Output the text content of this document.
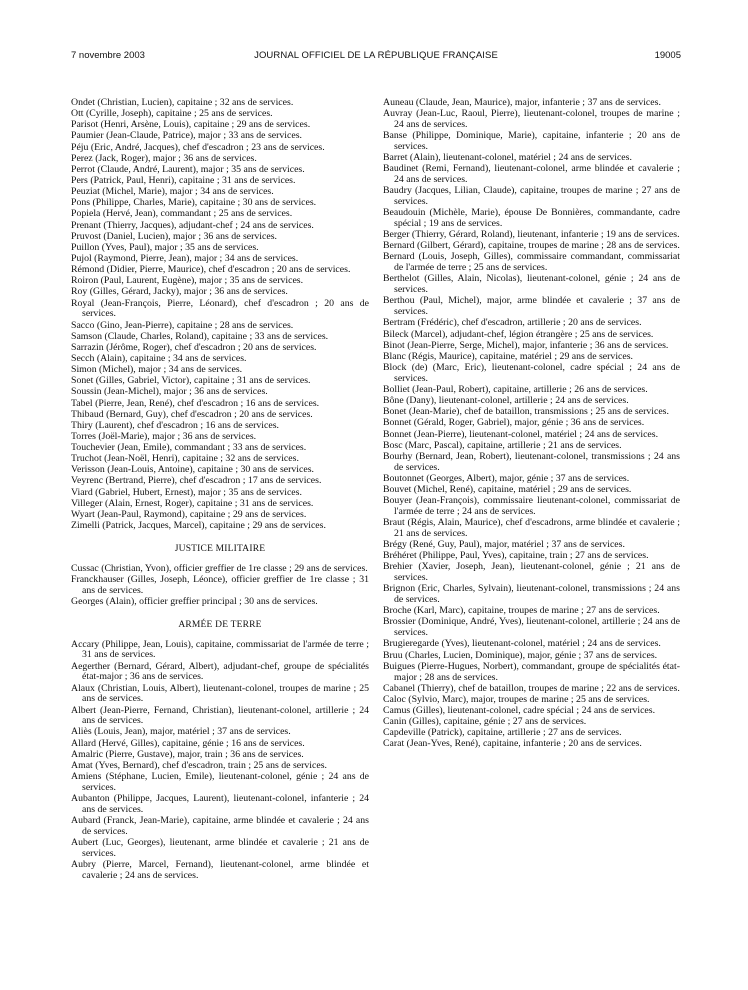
7 novembre 2003	JOURNAL OFFICIEL DE LA RÉPUBLIQUE FRANÇAISE	19005

Ondet (Christian, Lucien), capitaine ; 32 ans de services.

Ott (Cyrille, Joseph), capitaine ; 25 ans de services.

Parisot (Henri, Arsène, Louis), capitaine ; 29 ans de services.

Paumier (Jean-Claude, Patrice), major ; 33 ans de services.

Péju (Eric, André, Jacques), chef d'escadron ; 23 ans de services.

Perez (Jack, Roger), major ; 36 ans de services.

Perrot (Claude, André, Laurent), major ; 35 ans de services.

Pers (Patrick, Paul, Henri), capitaine ; 31 ans de services.

Peuziat (Michel, Marie), major ; 34 ans de services.

Pons (Philippe, Charles, Marie), capitaine ; 30 ans de services.

Popiela (Hervé, Jean), commandant ; 25 ans de services.

Prenant (Thierry, Jacques), adjudant-chef ; 24 ans de services.

Pruvost (Daniel, Lucien), major ; 36 ans de services.

Puillon (Yves, Paul), major ; 35 ans de services.

Pujol (Raymond, Pierre, Jean), major ; 34 ans de services.

Rémond (Didier, Pierre, Maurice), chef d'escadron ; 20 ans de services.

Roiron (Paul, Laurent, Eugène), major ; 35 ans de services.

Roy (Gilles, Gérard, Jacky), major ; 36 ans de services.

Royal (Jean-François, Pierre, Léonard), chef d'escadron ; 20 ans de services.

Sacco (Gino, Jean-Pierre), capitaine ; 28 ans de services.

Samson (Claude, Charles, Roland), capitaine ; 33 ans de services.

Sarrazin (Jérôme, Roger), chef d'escadron ; 20 ans de services.

Secch (Alain), capitaine ; 34 ans de services.

Simon (Michel), major ; 34 ans de services.

Sonet (Gilles, Gabriel, Victor), capitaine ; 31 ans de services.

Soussin (Jean-Michel), major ; 36 ans de services.

Tabel (Pierre, Jean, René), chef d'escadron ; 16 ans de services.

Thibaud (Bernard, Guy), chef d'escadron ; 20 ans de services.

Thiry (Laurent), chef d'escadron ; 16 ans de services.

Torres (Joël-Marie), major ; 36 ans de services.

Touchevier (Jean, Emile), commandant ; 33 ans de services.

Truchot (Jean-Noël, Henri), capitaine ; 32 ans de services.

Verisson (Jean-Louis, Antoine), capitaine ; 30 ans de services.

Veyrenc (Bertrand, Pierre), chef d'escadron ; 17 ans de services.

Viard (Gabriel, Hubert, Ernest), major ; 35 ans de services.

Villeger (Alain, Ernest, Roger), capitaine ; 31 ans de services.

Wyart (Jean-Paul, Raymond), capitaine ; 29 ans de services.

Zimelli (Patrick, Jacques, Marcel), capitaine ; 29 ans de services.

JUSTICE MILITAIRE

Cussac (Christian, Yvon), officier greffier de 1re classe ; 29 ans de services.

Franckhauser (Gilles, Joseph, Léonce), officier greffier de 1re classe ; 31 ans de services.

Georges (Alain), officier greffier principal ; 30 ans de services.

ARMÉE DE TERRE

Accary (Philippe, Jean, Louis), capitaine, commissariat de l'armée de terre ; 31 ans de services.

Aegerther (Bernard, Gérard, Albert), adjudant-chef, groupe de spécialités état-major ; 36 ans de services.

Alaux (Christian, Louis, Albert), lieutenant-colonel, troupes de marine ; 25 ans de services.

Albert (Jean-Pierre, Fernand, Christian), lieutenant-colonel, artillerie ; 24 ans de services.

Aliès (Louis, Jean), major, matériel ; 37 ans de services.

Allard (Hervé, Gilles), capitaine, génie ; 16 ans de services.

Amalric (Pierre, Gustave), major, train ; 36 ans de services.

Amat (Yves, Bernard), chef d'escadron, train ; 25 ans de services.

Amiens (Stéphane, Lucien, Emile), lieutenant-colonel, génie ; 24 ans de services.

Aubanton (Philippe, Jacques, Laurent), lieutenant-colonel, infanterie ; 24 ans de services.

Aubard (Franck, Jean-Marie), capitaine, arme blindée et cavalerie ; 24 ans de services.

Aubert (Luc, Georges), lieutenant, arme blindée et cavalerie ; 21 ans de services.

Aubry (Pierre, Marcel, Fernand), lieutenant-colonel, arme blindée et cavalerie ; 24 ans de services.

Auneau (Claude, Jean, Maurice), major, infanterie ; 37 ans de services.

Auvray (Jean-Luc, Raoul, Pierre), lieutenant-colonel, troupes de marine ; 24 ans de services.

Banse (Philippe, Dominique, Marie), capitaine, infanterie ; 20 ans de services.

Barret (Alain), lieutenant-colonel, matériel ; 24 ans de services.

Baudinet (Remi, Fernand), lieutenant-colonel, arme blindée et cavalerie ; 24 ans de services.

Baudry (Jacques, Lilian, Claude), capitaine, troupes de marine ; 27 ans de services.

Beaudouin (Michèle, Marie), épouse De Bonnières, commandante, cadre spécial ; 19 ans de services.

Berger (Thierry, Gérard, Roland), lieutenant, infanterie ; 19 ans de services.

Bernard (Gilbert, Gérard), capitaine, troupes de marine ; 28 ans de services.

Bernard (Louis, Joseph, Gilles), commissaire commandant, commissariat de l'armée de terre ; 25 ans de services.

Berthelot (Gilles, Alain, Nicolas), lieutenant-colonel, génie ; 24 ans de services.

Berthou (Paul, Michel), major, arme blindée et cavalerie ; 37 ans de services.

Bertram (Frédéric), chef d'escadron, artillerie ; 20 ans de services.

Bileck (Marcel), adjudant-chef, légion étrangère ; 25 ans de services.

Binot (Jean-Pierre, Serge, Michel), major, infanterie ; 36 ans de services.

Blanc (Régis, Maurice), capitaine, matériel ; 29 ans de services.

Block (de) (Marc, Eric), lieutenant-colonel, cadre spécial ; 24 ans de services.

Bolliet (Jean-Paul, Robert), capitaine, artillerie ; 26 ans de services.

Bône (Dany), lieutenant-colonel, artillerie ; 24 ans de services.

Bonet (Jean-Marie), chef de bataillon, transmissions ; 25 ans de services.

Bonnet (Gérald, Roger, Gabriel), major, génie ; 36 ans de services.

Bonnet (Jean-Pierre), lieutenant-colonel, matériel ; 24 ans de services.

Bosc (Marc, Pascal), capitaine, artillerie ; 21 ans de services.

Bourhy (Bernard, Jean, Robert), lieutenant-colonel, transmissions ; 24 ans de services.

Boutonnet (Georges, Albert), major, génie ; 37 ans de services.

Bouvet (Michel, René), capitaine, matériel ; 29 ans de services.

Bouyer (Jean-François), commissaire lieutenant-colonel, commissariat de l'armée de terre ; 24 ans de services.

Braut (Régis, Alain, Maurice), chef d'escadrons, arme blindée et cavalerie ; 21 ans de services.

Brégy (René, Guy, Paul), major, matériel ; 37 ans de services.

Bréhéret (Philippe, Paul, Yves), capitaine, train ; 27 ans de services.

Brehier (Xavier, Joseph, Jean), lieutenant-colonel, génie ; 21 ans de services.

Brignon (Eric, Charles, Sylvain), lieutenant-colonel, transmissions ; 24 ans de services.

Broche (Karl, Marc), capitaine, troupes de marine ; 27 ans de services.

Brossier (Dominique, André, Yves), lieutenant-colonel, artillerie ; 24 ans de services.

Brugieregarde (Yves), lieutenant-colonel, matériel ; 24 ans de services.

Bruu (Charles, Lucien, Dominique), major, génie ; 37 ans de services.

Buigues (Pierre-Hugues, Norbert), commandant, groupe de spécialités état-major ; 28 ans de services.

Cabanel (Thierry), chef de bataillon, troupes de marine ; 22 ans de services.

Caloc (Sylvio, Marc), major, troupes de marine ; 25 ans de services.

Camus (Gilles), lieutenant-colonel, cadre spécial ; 24 ans de services.

Canin (Gilles), capitaine, génie ; 27 ans de services.

Capdeville (Patrick), capitaine, artillerie ; 27 ans de services.

Carat (Jean-Yves, René), capitaine, infanterie ; 20 ans de services.
